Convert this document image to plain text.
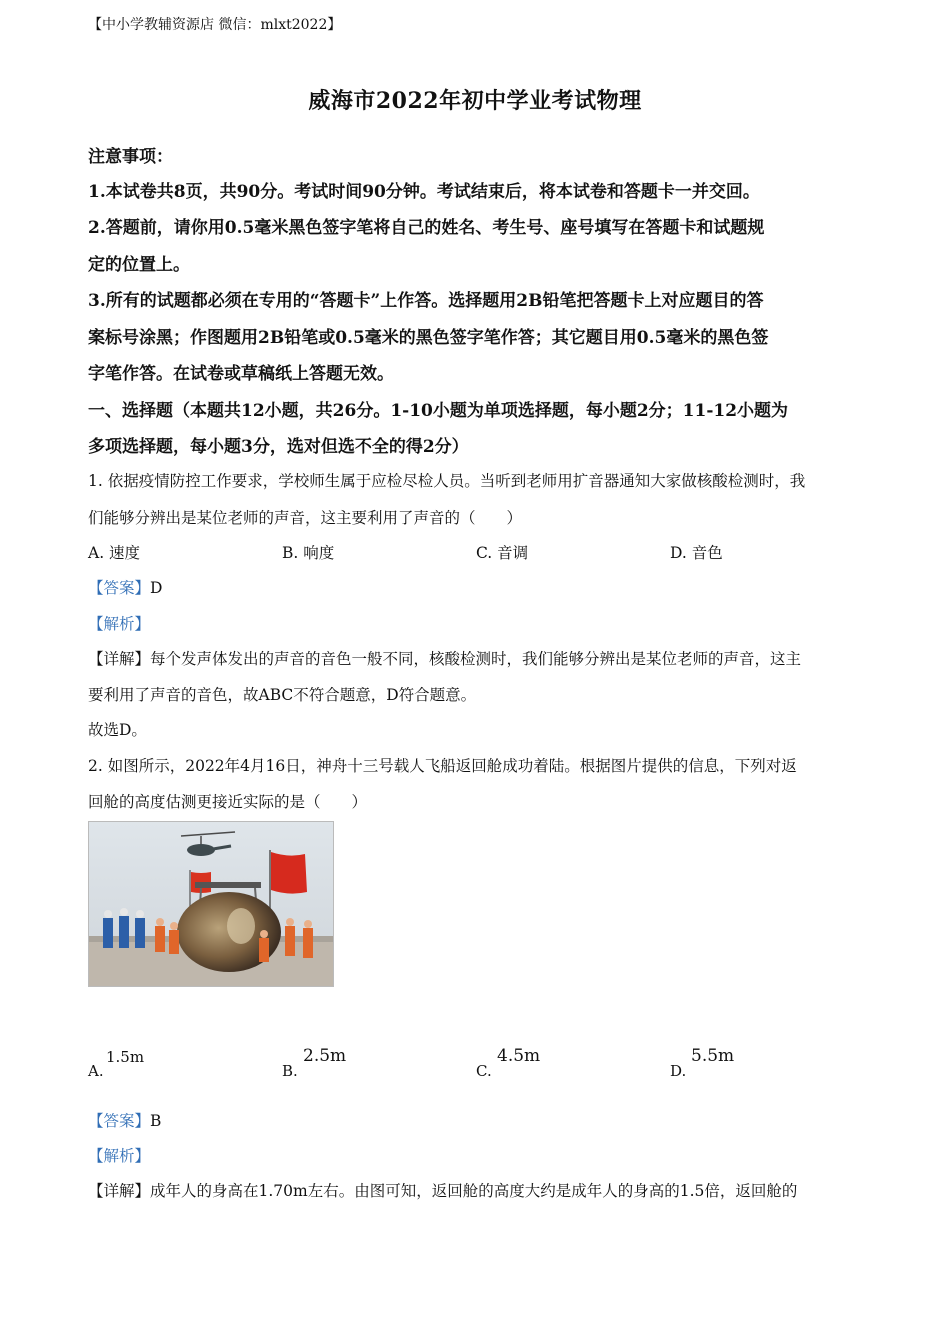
【中小学教辅资源店 微信：mlxt2022】
威海市2022年初中学业考试物理
注意事项：
1.本试卷共8页，共90分。考试时间90分钟。考试结束后，将本试卷和答题卡一并交回。
2.答题前，请你用0.5毫米黑色签字笔将自己的姓名、考生号、座号填写在答题卡和试题规
定的位置上。
3.所有的试题都必须在专用的“答题卡”上作答。选择题用2B铅笔把答题卡上对应题目的答
案标号涂黑；作图题用2B铅笔或0.5毫米的黑色签字笔作答；其它题目用0.5毫米的黑色签
字笔作答。在试卷或草稿纸上答题无效。
一、选择题（本题共12小题，共26分。1-10小题为单项选择题，每小题2分；11-12小题为
多项选择题，每小题3分，选对但选不全的得2分）
1. 依据疫情防控工作要求，学校师生属于应检尽检人员。当听到老师用扩音器通知大家做核酸检测时，我
们能够分辨出是某位老师的声音，这主要利用了声音的（　　）
A. 速度	B. 响度	C. 音调	D. 音色
【答案】D
【解析】
【详解】每个发声体发出的声音的音色一般不同，核酸检测时，我们能够分辨出是某位老师的声音，这主
要利用了声音的音色，故ABC不符合题意，D符合题意。
故选D。
2. 如图所示，2022年4月16日，神舟十三号载人飞船返回舱成功着陆。根据图片提供的信息，下列对返
回舱的高度估测更接近实际的是（　　）
A.
1.5m
B.
2.5m
C.
4.5m
D.
5.5m
【答案】B
【解析】
【详解】成年人的身高在1.70m左右。由图可知，返回舱的高度大约是成年人的身高的1.5倍，返回舱的
